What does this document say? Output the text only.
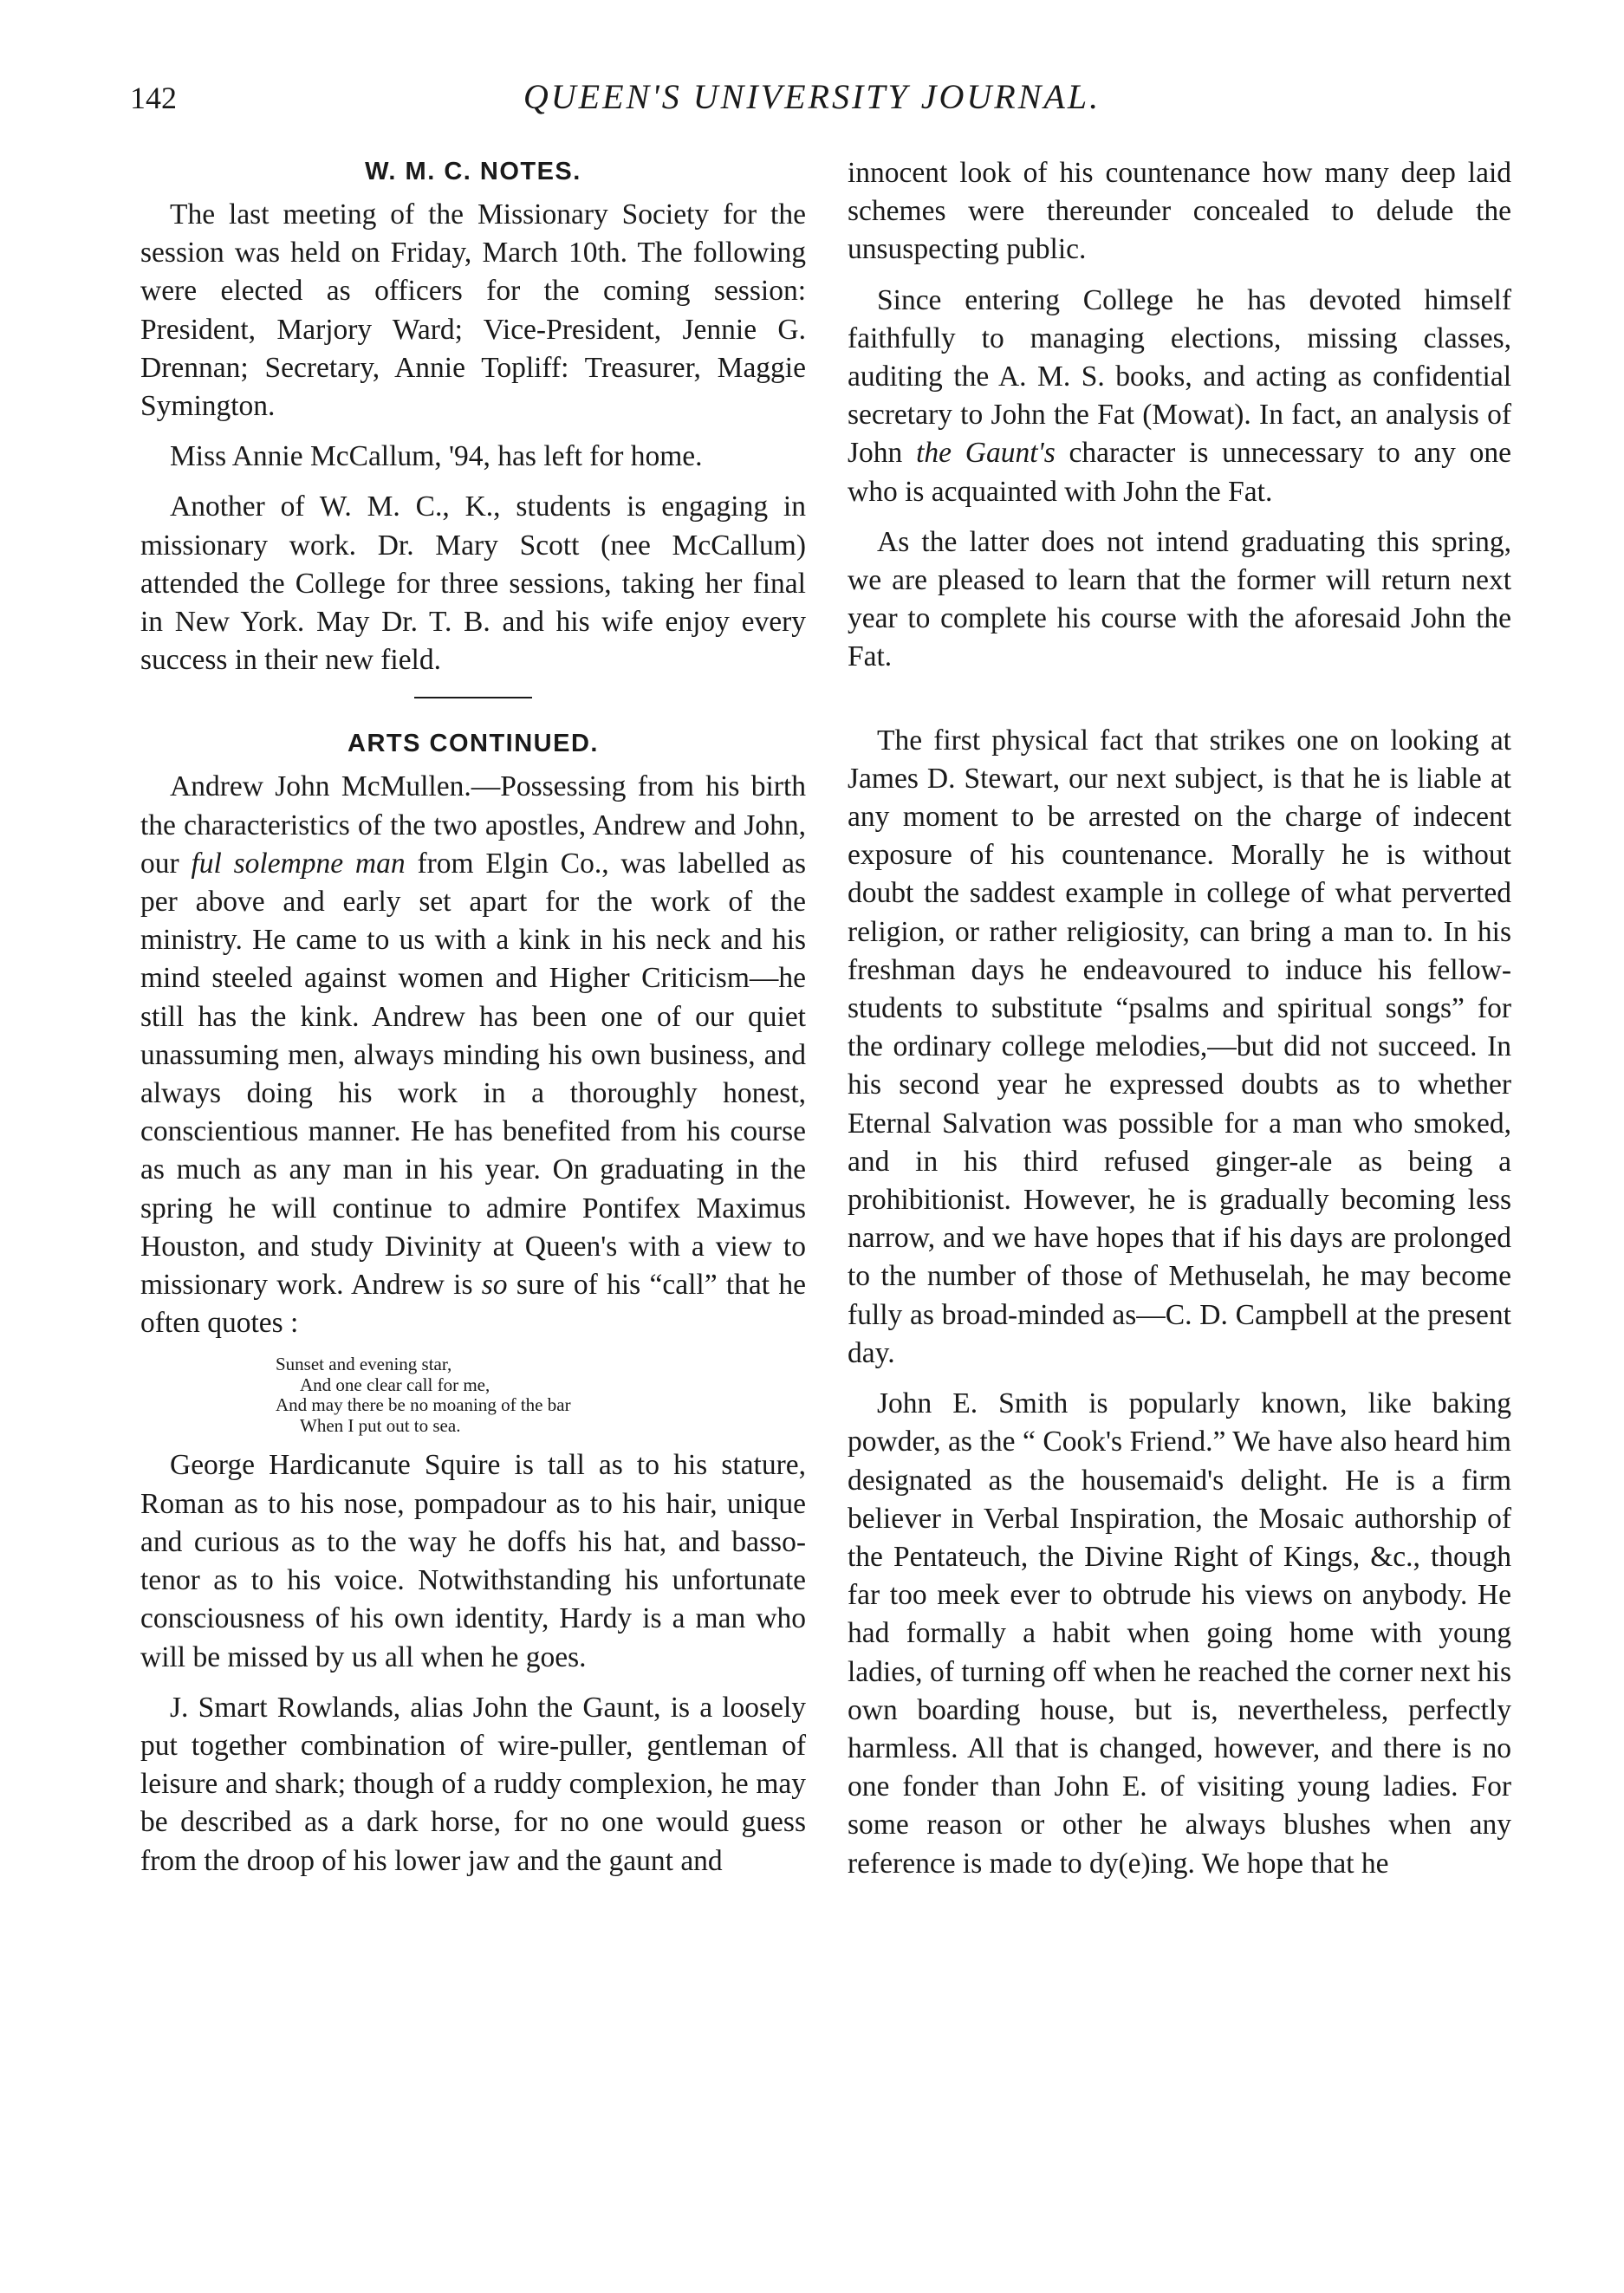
142	QUEEN'S UNIVERSITY JOURNAL.
W. M. C. NOTES.

The last meeting of the Missionary Society for the session was held on Friday, March 10th. The following were elected as officers for the coming session: President, Marjory Ward; Vice-President, Jennie G. Drennan; Secretary, Annie Topliff: Treasurer, Maggie Symington.

Miss Annie McCallum, '94, has left for home.

Another of W. M. C., K., students is engaging in missionary work. Dr. Mary Scott (nee McCallum) attended the College for three sessions, taking her final in New York. May Dr. T. B. and his wife enjoy every success in their new field.

ARTS CONTINUED.

Andrew John McMullen.—Possessing from his birth the characteristics of the two apostles, Andrew and John, our ful solempne man from Elgin Co., was labelled as per above and early set apart for the work of the ministry. He came to us with a kink in his neck and his mind steeled against women and Higher Criticism—he still has the kink. Andrew has been one of our quiet unassuming men, always minding his own business, and always doing his work in a thoroughly honest, conscientious manner. He has benefited from his course as much as any man in his year. On graduating in the spring he will continue to admire Pontifex Maximus Houston, and study Divinity at Queen's with a view to missionary work. Andrew is so sure of his “call” that he often quotes :

Sunset and evening star,
And one clear call for me,
And may there be no moaning of the bar
When I put out to sea.

George Hardicanute Squire is tall as to his stature, Roman as to his nose, pompadour as to his hair, unique and curious as to the way he doffs his hat, and basso-tenor as to his voice. Notwithstanding his unfortunate consciousness of his own identity, Hardy is a man who will be missed by us all when he goes.

J. Smart Rowlands, alias John the Gaunt, is a loosely put together combination of wire-puller, gentleman of leisure and shark; though of a ruddy complexion, he may be described as a dark horse, for no one would guess from the droop of his lower jaw and the gaunt and

innocent look of his countenance how many deep laid schemes were thereunder concealed to delude the unsuspecting public.

Since entering College he has devoted himself faithfully to managing elections, missing classes, auditing the A. M. S. books, and acting as confidential secretary to John the Fat (Mowat). In fact, an analysis of John the Gaunt's character is unnecessary to any one who is acquainted with John the Fat.

As the latter does not intend graduating this spring, we are pleased to learn that the former will return next year to complete his course with the aforesaid John the Fat.

The first physical fact that strikes one on looking at James D. Stewart, our next subject, is that he is liable at any moment to be arrested on the charge of indecent exposure of his countenance. Morally he is without doubt the saddest example in college of what perverted religion, or rather religiosity, can bring a man to. In his freshman days he endeavoured to induce his fellow-students to substitute “psalms and spiritual songs” for the ordinary college melodies,—but did not succeed. In his second year he expressed doubts as to whether Eternal Salvation was possible for a man who smoked, and in his third refused ginger-ale as being a prohibitionist. However, he is gradually becoming less narrow, and we have hopes that if his days are prolonged to the number of those of Methuselah, he may become fully as broad-minded as—C. D. Campbell at the present day.

John E. Smith is popularly known, like baking powder, as the “ Cook's Friend.” We have also heard him designated as the housemaid's delight. He is a firm believer in Verbal Inspiration, the Mosaic authorship of the Pentateuch, the Divine Right of Kings, &c., though far too meek ever to obtrude his views on anybody. He had formally a habit when going home with young ladies, of turning off when he reached the corner next his own boarding house, but is, nevertheless, perfectly harmless. All that is changed, however, and there is no one fonder than John E. of visiting young ladies. For some reason or other he always blushes when any reference is made to dy(e)ing. We hope that he
